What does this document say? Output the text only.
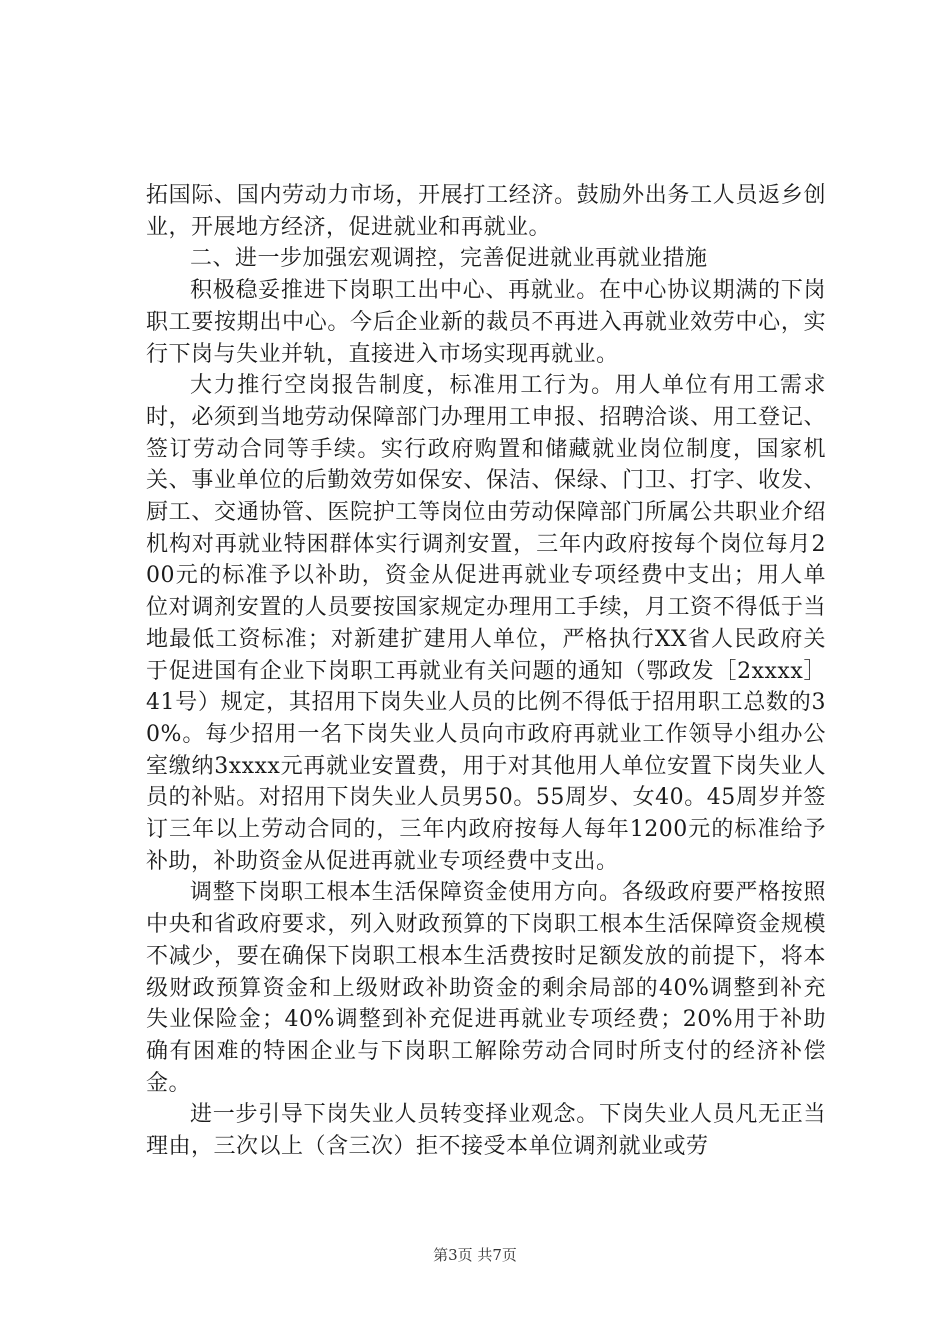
拓国际、国内劳动力市场，开展打工经济。鼓励外出务工人员返乡创业，开展地方经济，促进就业和再就业。

二、进一步加强宏观调控，完善促进就业再就业措施

积极稳妥推进下岗职工出中心、再就业。在中心协议期满的下岗职工要按期出中心。今后企业新的裁员不再进入再就业效劳中心，实行下岗与失业并轨，直接进入市场实现再就业。

大力推行空岗报告制度，标准用工行为。用人单位有用工需求时，必须到当地劳动保障部门办理用工申报、招聘洽谈、用工登记、签订劳动合同等手续。实行政府购置和储藏就业岗位制度，国家机关、事业单位的后勤效劳如保安、保洁、保绿、门卫、打字、收发、厨工、交通协管、医院护工等岗位由劳动保障部门所属公共职业介绍机构对再就业特困群体实行调剂安置，三年内政府按每个岗位每月200元的标准予以补助，资金从促进再就业专项经费中支出；用人单位对调剂安置的人员要按国家规定办理用工手续，月工资不得低于当地最低工资标准；对新建扩建用人单位，严格执行XX省人民政府关于促进国有企业下岗职工再就业有关问题的通知（鄂政发［2xxxx］41号）规定，其招用下岗失业人员的比例不得低于招用职工总数的30%。每少招用一名下岗失业人员向市政府再就业工作领导小组办公室缴纳3xxxx元再就业安置费，用于对其他用人单位安置下岗失业人员的补贴。对招用下岗失业人员男50。55周岁、女40。45周岁并签订三年以上劳动合同的，三年内政府按每人每年1200元的标准给予补助，补助资金从促进再就业专项经费中支出。

调整下岗职工根本生活保障资金使用方向。各级政府要严格按照中央和省政府要求，列入财政预算的下岗职工根本生活保障资金规模不减少，要在确保下岗职工根本生活费按时足额发放的前提下，将本级财政预算资金和上级财政补助资金的剩余局部的40%调整到补充失业保险金；40%调整到补充促进再就业专项经费；20%用于补助确有困难的特困企业与下岗职工解除劳动合同时所支付的经济补偿金。

进一步引导下岗失业人员转变择业观念。下岗失业人员凡无正当理由，三次以上（含三次）拒不接受本单位调剂就业或劳

第3页 共7页
